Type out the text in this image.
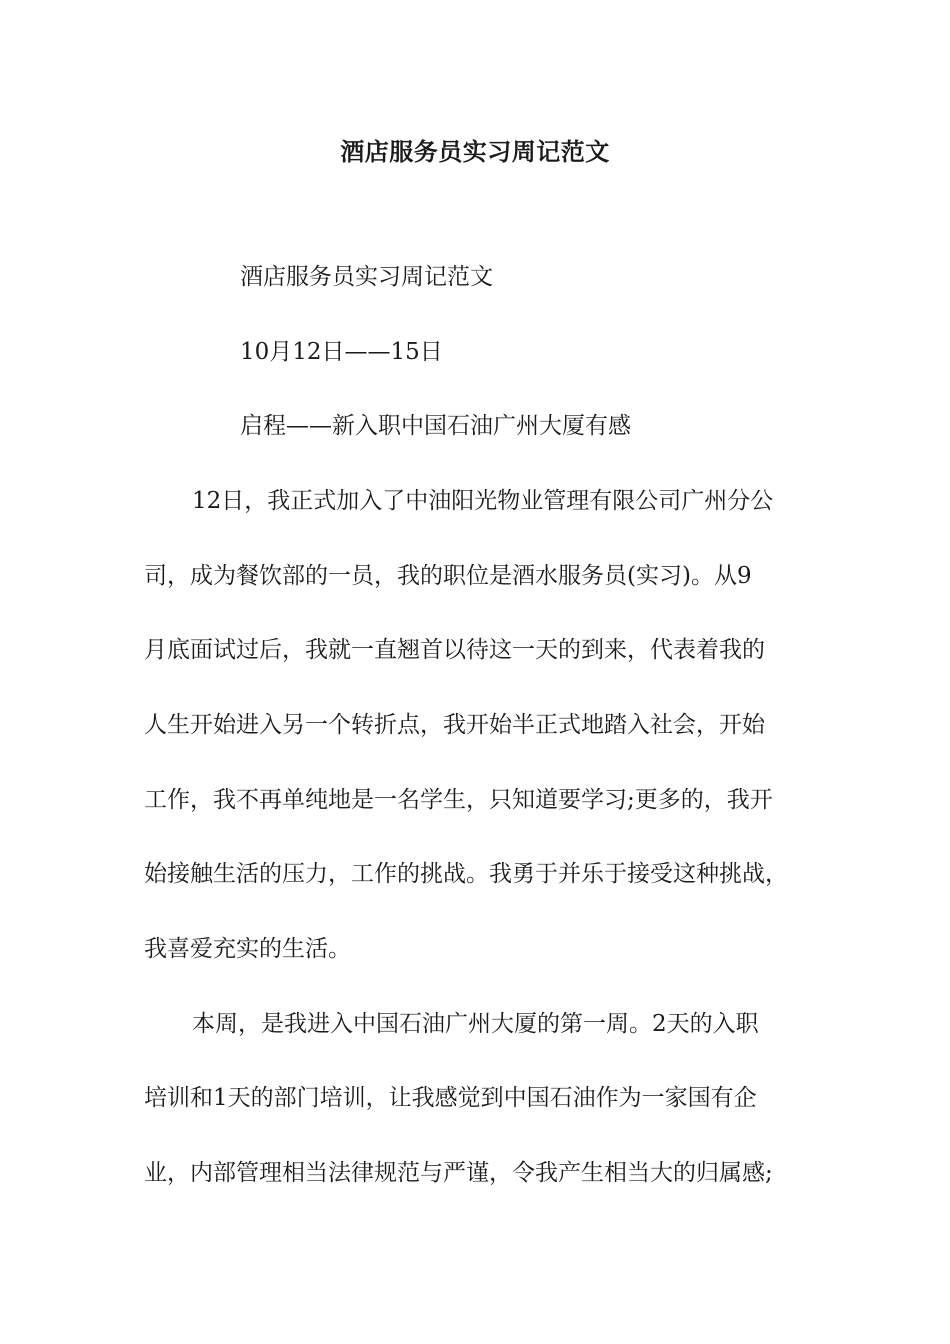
酒店服务员实习周记范文
酒店服务员实习周记范文
10月12日——15日
启程——新入职中国石油广州大厦有感
12日，我正式加入了中油阳光物业管理有限公司广州分公
司，成为餐饮部的一员，我的职位是酒水服务员(实习)。从9
月底面试过后，我就一直翘首以待这一天的到来，代表着我的
人生开始进入另一个转折点，我开始半正式地踏入社会，开始
工作，我不再单纯地是一名学生，只知道要学习;更多的，我开
始接触生活的压力，工作的挑战。我勇于并乐于接受这种挑战，
我喜爱充实的生活。
本周，是我进入中国石油广州大厦的第一周。2天的入职
培训和1天的部门培训，让我感觉到中国石油作为一家国有企
业，内部管理相当法律规范与严谨，令我产生相当大的归属感;
